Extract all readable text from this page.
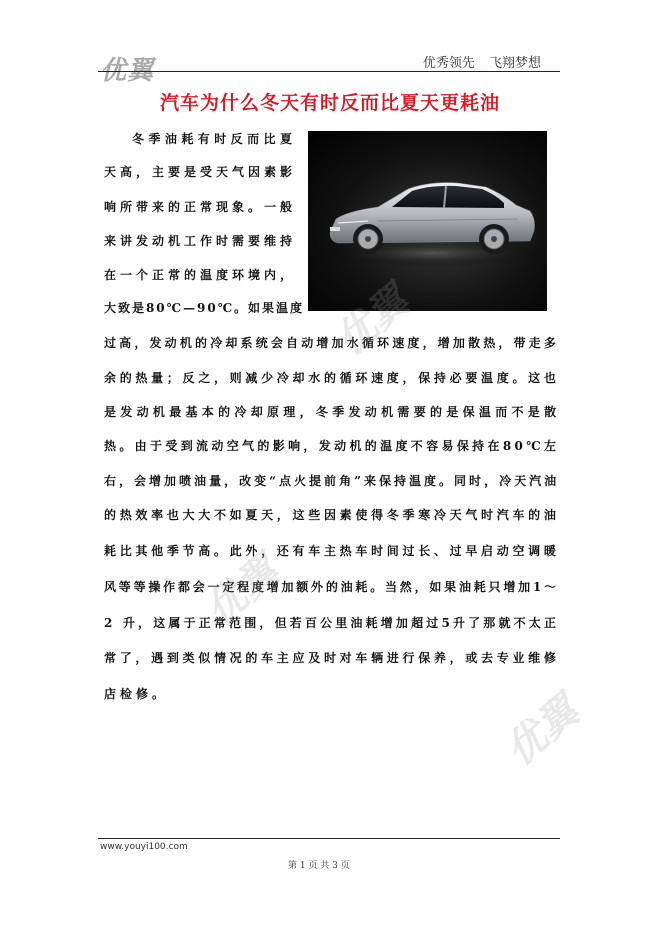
优翼	优秀领先 飞翔梦想
汽车为什么冬天有时反而比夏天更耗油
冬季油耗有时反而比夏
天高，主要是受天气因素影
响所带来的正常现象。一般
来讲发动机工作时需要维持
在一个正常的温度环境内，
大致是80℃—90℃。如果温度
过高，发动机的冷却系统会自动增加水循环速度，增加散热，带走多
余的热量；反之，则减少冷却水的循环速度，保持必要温度。这也
是发动机最基本的冷却原理，冬季发动机需要的是保温而不是散
热。由于受到流动空气的影响，发动机的温度不容易保持在80℃左
右，会增加喷油量，改变“点火提前角”来保持温度。同时，冷天汽油
的热效率也大大不如夏天，这些因素使得冬季寒冷天气时汽车的油
耗比其他季节高。此外，还有车主热车时间过长、过早启动空调暖
风等等操作都会一定程度增加额外的油耗。当然，如果油耗只增加1～
2 升，这属于正常范围，但若百公里油耗增加超过5升了那就不太正
常了，遇到类似情况的车主应及时对车辆进行保养，或去专业维修
店检修。
优翼
优翼
优翼
www.youyi100.com
第 1 页 共 3 页
